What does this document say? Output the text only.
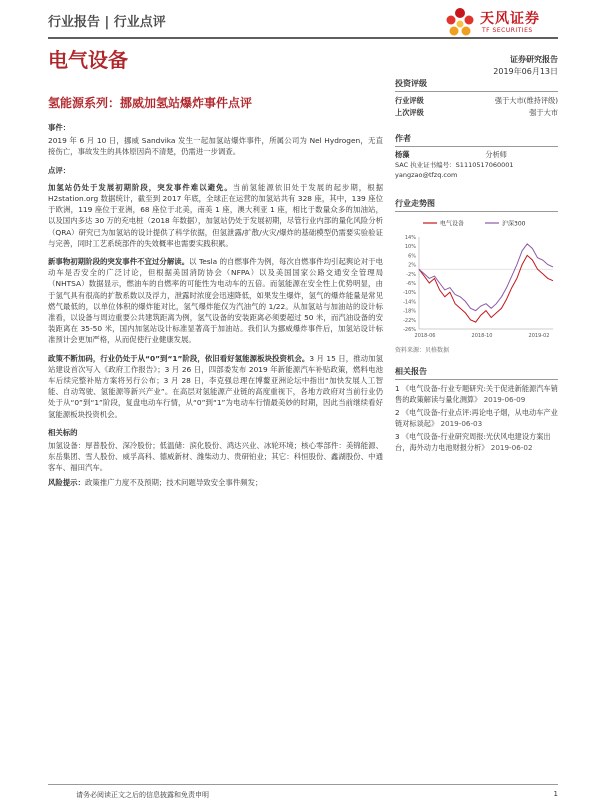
行业报告 | 行业点评	天风证券
TF SECURITIES
电气设备	证券研究报告
2019年06月13日
氢能源系列：挪威加氢站爆炸事件点评

事件：

2019 年 6 月 10 日，挪威 Sandvika 发生一起加氢站爆炸事件，所属公司为 Nel Hydrogen，无直接伤亡，事故发生的具体原因尚不清楚，仍需进一步调查。

点评：

加氢站仍处于发展初期阶段，突发事件难以避免。当前氢能源依旧处于发展的起步期，根据 H2station.org 数据统计，截至到 2017 年底，全球正在运营的加氢站共有 328 座，其中，139 座位于欧洲，119 座位于亚洲，68 座位于北美，南美 1 座，澳大利亚 1 座，相比于数量众多的加油站，以及国内多达 30 万的充电桩（2018 年数据），加氢站仍处于发展初期，尽管行业内部的量化风险分析（QRA）研究已为加氢站的设计提供了科学依据，但氢泄露/扩散/火灾/爆炸的基础模型仍需要实验验证与完善，同时工艺系统部件的失效概率也需要实践积累。

新事物初期阶段的突发事件不宜过分解读。以 Tesla 的自燃事件为例，每次自燃事件均引起舆论对于电动车是否安全的广泛讨论，但根据美国消防协会（NFPA）以及美国国家公路交通安全管理局（NHTSA）数据显示，燃油车的自燃率的可能性为电动车的五倍。而氢能源在安全性上优势明显，由于氢气具有很高的扩散系数以及浮力，泄露时浓度会迅速降低，如果发生爆炸，氢气的爆炸能量是常见燃气最低的，以单位体积的爆炸能对比，氢气爆炸能仅为汽油气的 1/22。从加氢站与加油站的设计标准看，以设备与周边重要公共建筑距离为例，氢气设备的安装距离必须要超过 50 米，而汽油设备的安装距离在 35-50 米，国内加氢站设计标准显著高于加油站。我们认为挪威爆炸事件后，加氢站设计标准预计会更加严格，从而促使行业健康发展。

政策不断加码，行业仍处于从“0”到“1”阶段，依旧看好氢能源板块投资机会。3 月 15 日，推动加氢站建设首次写入《政府工作报告》；3 月 26 日，四部委发布 2019 年新能源汽车补贴政策，燃料电池车后续完整补贴方案将另行公布；3 月 28 日，李克强总理在博鳌亚洲论坛中指出“加快发展人工智能、自动驾驶、氢能源等新兴产业”。在高层对氢能源产业链的高度重视下，各地方政府对当前行业仍处于从“0”到“1”阶段，复盘电动车行情，从“0”到“1”为电动车行情最美妙的时期，因此当前继续看好氢能源板块投资机会。

相关标的

加氢设备：厚普股份、深冷股份；低温储：滨化股份、鸿达兴业、冰轮环境；核心零部件：美锦能源、东岳集团、雪人股份、威孚高科、德威新材、潍柴动力、贵研铂业；其它：科恒股份、鑫湖股份、中通客车、福田汽车。

风险提示：政策推广力度不及预期；技术问题导致安全事件频发；

投资评级
行业评级	强于大市(维持评级)
上次评级	强于大市
作者
杨藻	分析师
SAC 执业证书编号：S1110517060001
yangzao@tfzq.com
行业走势图
电气设备	沪深300
14%
10%
6%
2%
-2%
-6%
-10%
-14%
-18%
-22%
-26%
2018-06	2018-10	2019-02
资料来源：贝格数据
相关报告
1 《电气设备-行业专题研究:关于促进新能源汽车销售的政策解读与量化测算》 2019-06-09
2 《电气设备-行业点评:再论电子烟，从电动车产业链对标谈起》 2019-06-03
3 《电气设备-行业研究周报:光伏风电建设方案出台，海外动力电池财报分析》 2019-06-02
请务必阅读正文之后的信息披露和免责申明	1
